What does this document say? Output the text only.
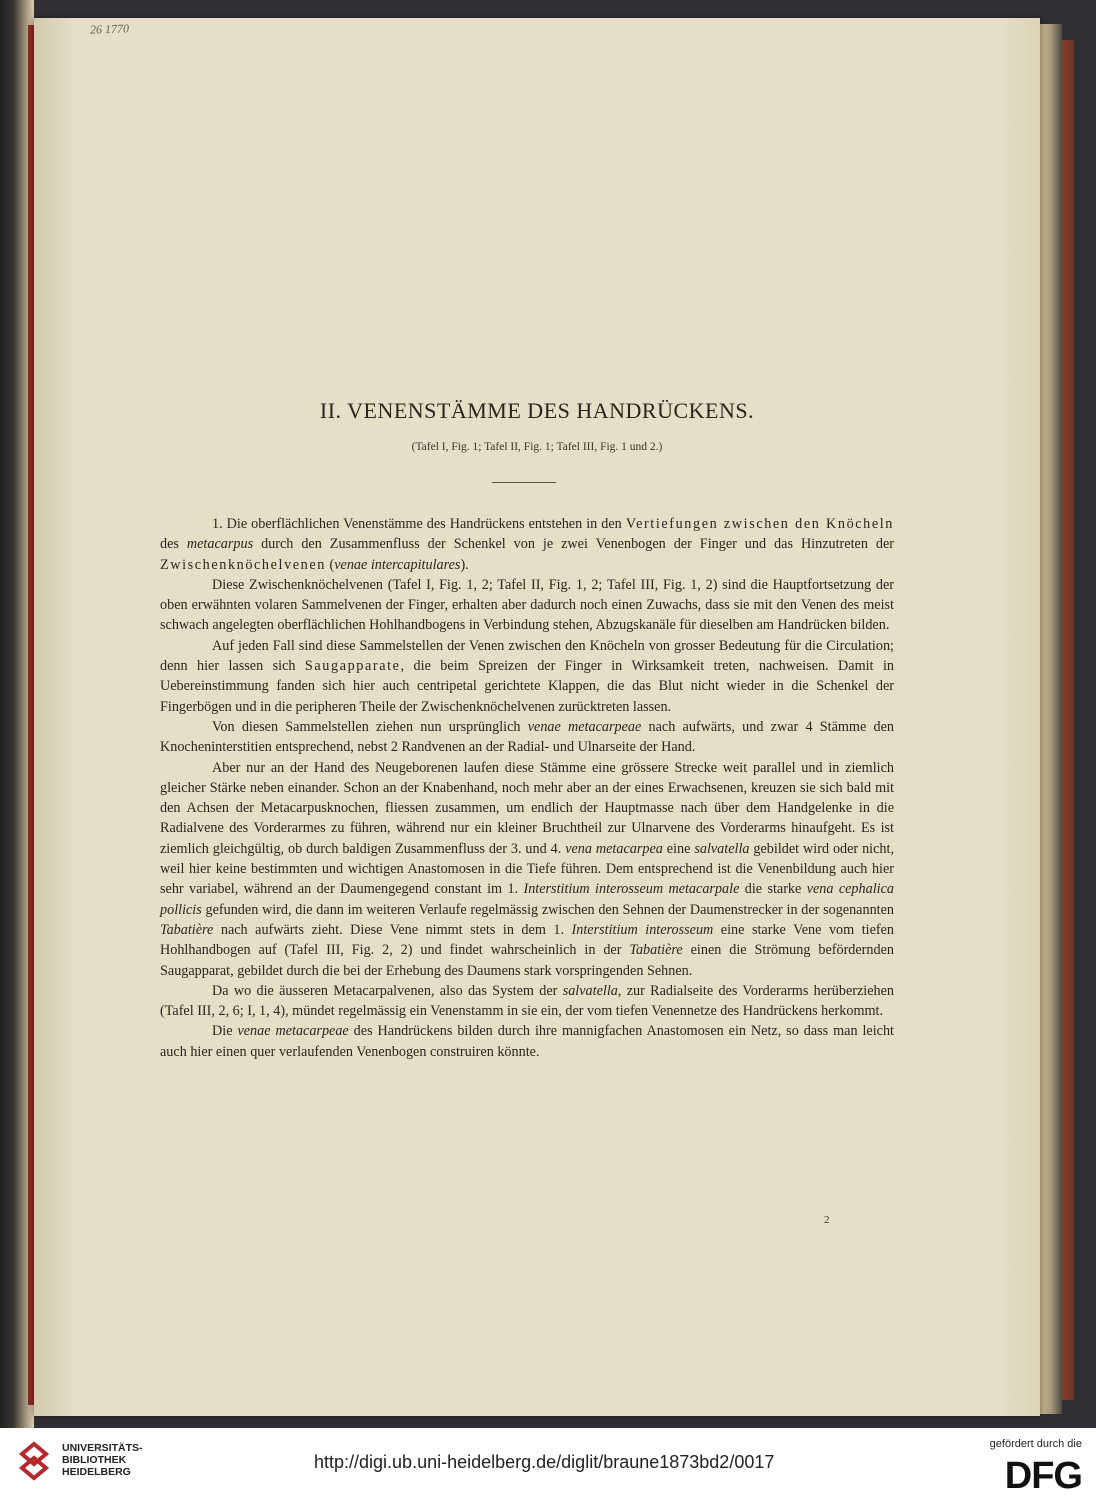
26 1770
II. VENENSTÄMME DES HANDRÜCKENS.
(Tafel I, Fig. 1; Tafel II, Fig. 1; Tafel III, Fig. 1 und 2.)

1. Die oberflächlichen Venenstämme des Handrückens entstehen in den Vertiefungen zwischen den Knöcheln des metacarpus durch den Zusammenfluss der Schenkel von je zwei Venenbogen der Finger und das Hinzutreten der Zwischenknöchelvenen (venae intercapitulares).

Diese Zwischenknöchelvenen (Tafel I, Fig. 1, 2; Tafel II, Fig. 1, 2; Tafel III, Fig. 1, 2) sind die Hauptfortsetzung der oben erwähnten volaren Sammelvenen der Finger, erhalten aber dadurch noch einen Zuwachs, dass sie mit den Venen des meist schwach angelegten oberflächlichen Hohlhandbogens in Verbindung stehen, Abzugskanäle für dieselben am Handrücken bilden.

Auf jeden Fall sind diese Sammelstellen der Venen zwischen den Knöcheln von grosser Bedeutung für die Circulation; denn hier lassen sich Saugapparate, die beim Spreizen der Finger in Wirksamkeit treten, nachweisen. Damit in Uebereinstimmung fanden sich hier auch centripetal gerichtete Klappen, die das Blut nicht wieder in die Schenkel der Fingerbögen und in die peripheren Theile der Zwischenknöchelvenen zurücktreten lassen.

Von diesen Sammelstellen ziehen nun ursprünglich venae metacarpeae nach aufwärts, und zwar 4 Stämme den Knocheninterstitien entsprechend, nebst 2 Randvenen an der Radial- und Ulnarseite der Hand.

Aber nur an der Hand des Neugeborenen laufen diese Stämme eine grössere Strecke weit parallel und in ziemlich gleicher Stärke neben einander. Schon an der Knabenhand, noch mehr aber an der eines Erwachsenen, kreuzen sie sich bald mit den Achsen der Metacarpusknochen, fliessen zusammen, um endlich der Hauptmasse nach über dem Handgelenke in die Radialvene des Vorderarmes zu führen, während nur ein kleiner Bruchtheil zur Ulnarvene des Vorderarms hinaufgeht. Es ist ziemlich gleichgültig, ob durch baldigen Zusammenfluss der 3. und 4. vena metacarpea eine salvatella gebildet wird oder nicht, weil hier keine bestimmten und wichtigen Anastomosen in die Tiefe führen. Dem entsprechend ist die Venenbildung auch hier sehr variabel, während an der Daumengegend constant im 1. Interstitium interosseum metacarpale die starke vena cephalica pollicis gefunden wird, die dann im weiteren Verlaufe regelmässig zwischen den Sehnen der Daumenstrecker in der sogenannten Tabatière nach aufwärts zieht. Diese Vene nimmt stets in dem 1. Interstitium interosseum eine starke Vene vom tiefen Hohlhandbogen auf (Tafel III, Fig. 2, 2) und findet wahrscheinlich in der Tabatière einen die Strömung befördernden Saugapparat, gebildet durch die bei der Erhebung des Daumens stark vorspringenden Sehnen.

Da wo die äusseren Metacarpalvenen, also das System der salvatella, zur Radialseite des Vorderarms herüberziehen (Tafel III, 2, 6; I, 1, 4), mündet regelmässig ein Venenstamm in sie ein, der vom tiefen Venennetze des Handrückens herkommt.

Die venae metacarpeae des Handrückens bilden durch ihre mannigfachen Anastomosen ein Netz, so dass man leicht auch hier einen quer verlaufenden Venenbogen construiren könnte.

2
UNIVERSITÄTS-
BIBLIOTHEK
HEIDELBERG	http://digi.ub.uni-heidelberg.de/diglit/braune1873bd2/0017
gefördert durch die
DFG
